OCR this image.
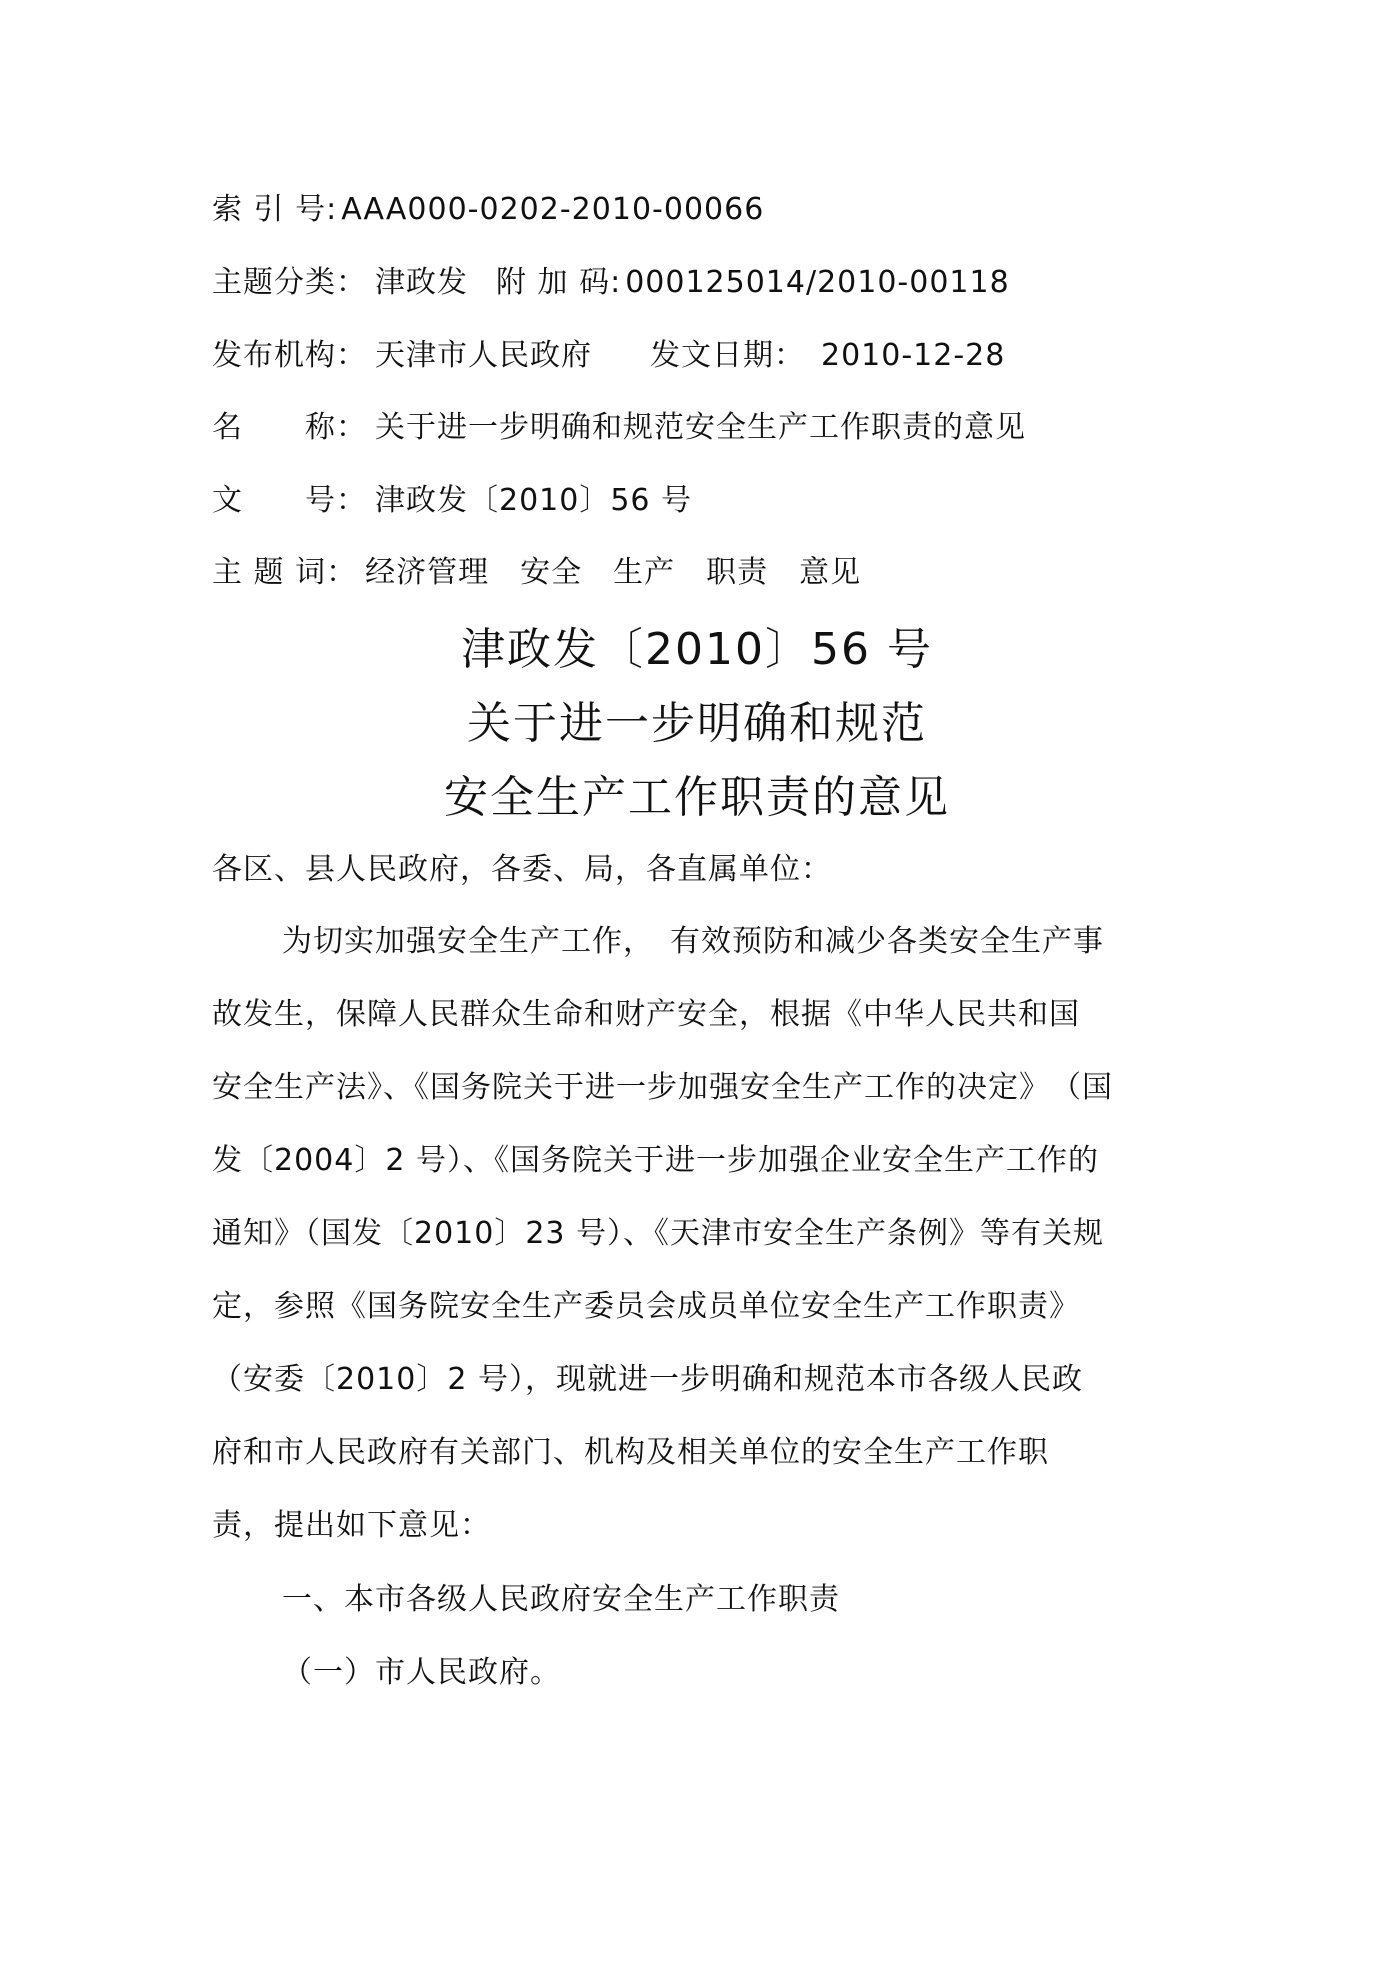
索 引 号: AAA000-0202-2010-00066
主题分类： 津政发 附 加 码: 000125014/2010-00118
发布机构： 天津市人民政府 发文日期： 2010-12-28
名　　称： 关于进一步明确和规范安全生产工作职责的意见
文　　号： 津政发〔2010〕56 号
主 题 词： 经济管理　安全　生产　职责　意见
津政发〔2010〕56 号
关于进一步明确和规范
安全生产工作职责的意见
各区、县人民政府，各委、局，各直属单位：
为切实加强安全生产工作，　有效预防和减少各类安全生产事
故发生，保障人民群众生命和财产安全，根据《中华人民共和国
安全生产法》、《国务院关于进一步加强安全生产工作的决定》　（国
发〔2004〕2 号）、《国务院关于进一步加强企业安全生产工作的
通知》（国发〔2010〕23 号）、《天津市安全生产条例》等有关规
定，参照《国务院安全生产委员会成员单位安全生产工作职责》
（安委〔2010〕2 号），现就进一步明确和规范本市各级人民政
府和市人民政府有关部门、机构及相关单位的安全生产工作职
责，提出如下意见：
一、本市各级人民政府安全生产工作职责
（一）市人民政府。
